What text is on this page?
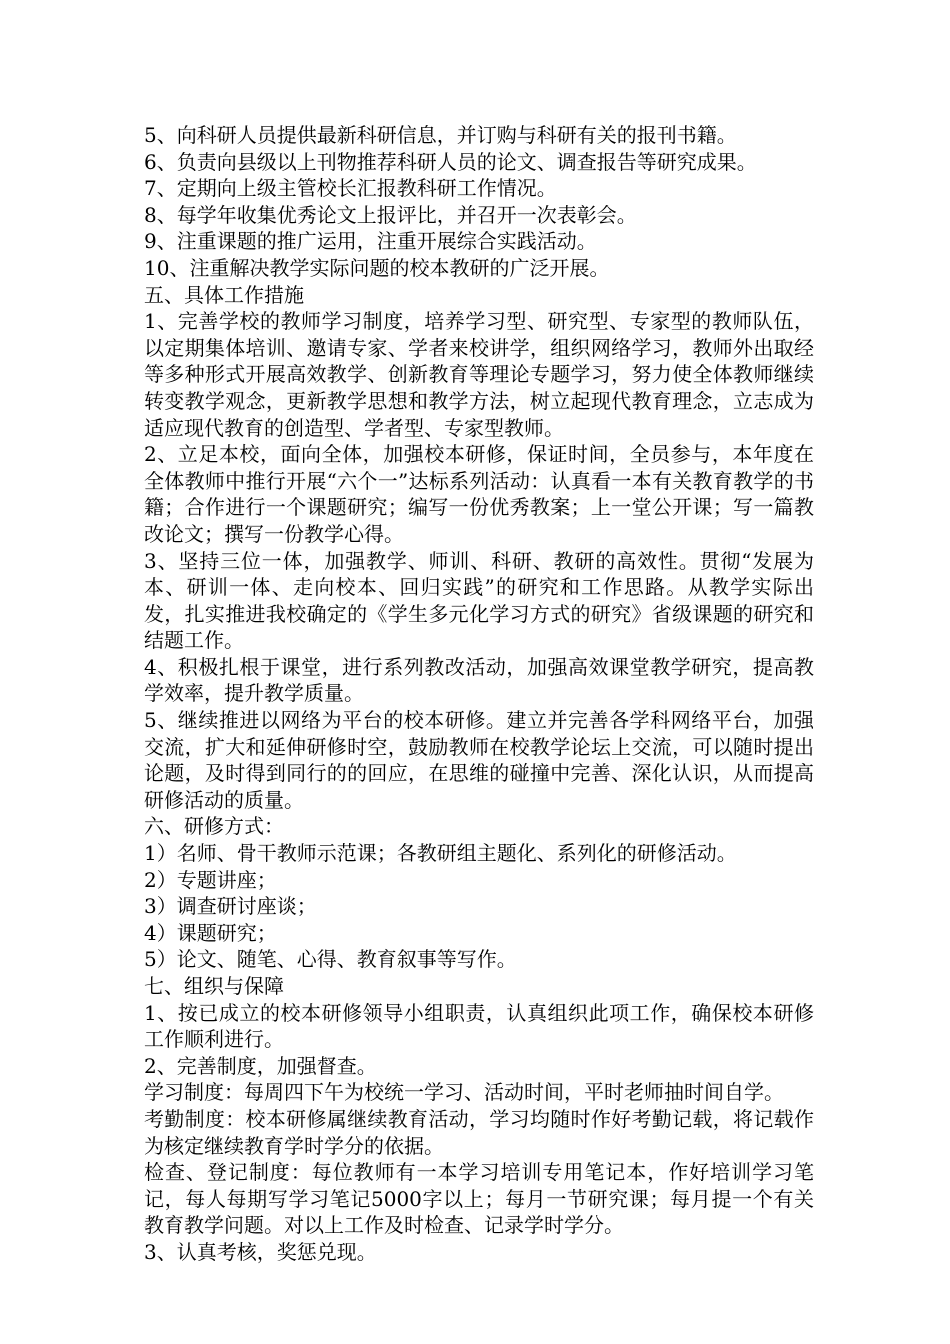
5、向科研人员提供最新科研信息，并订购与科研有关的报刊书籍。

6、负责向县级以上刊物推荐科研人员的论文、调查报告等研究成果。

7、定期向上级主管校长汇报教科研工作情况。

8、每学年收集优秀论文上报评比，并召开一次表彰会。

9、注重课题的推广运用，注重开展综合实践活动。

10、注重解决教学实际问题的校本教研的广泛开展。

五、具体工作措施

1、完善学校的教师学习制度，培养学习型、研究型、专家型的教师队伍，以定期集体培训、邀请专家、学者来校讲学，组织网络学习，教师外出取经等多种形式开展高效教学、创新教育等理论专题学习，努力使全体教师继续转变教学观念，更新教学思想和教学方法，树立起现代教育理念，立志成为适应现代教育的创造型、学者型、专家型教师。

2、立足本校，面向全体，加强校本研修，保证时间，全员参与，本年度在全体教师中推行开展“六个一”达标系列活动：认真看一本有关教育教学的书籍；合作进行一个课题研究；编写一份优秀教案；上一堂公开课；写一篇教改论文；撰写一份教学心得。

3、坚持三位一体，加强教学、师训、科研、教研的高效性。贯彻“发展为本、研训一体、走向校本、回归实践”的研究和工作思路。从教学实际出发，扎实推进我校确定的《学生多元化学习方式的研究》省级课题的研究和结题工作。

4、积极扎根于课堂，进行系列教改活动，加强高效课堂教学研究，提高教学效率，提升教学质量。

5、继续推进以网络为平台的校本研修。建立并完善各学科网络平台，加强交流，扩大和延伸研修时空，鼓励教师在校教学论坛上交流，可以随时提出论题，及时得到同行的的回应，在思维的碰撞中完善、深化认识，从而提高研修活动的质量。

六、研修方式：

1）名师、骨干教师示范课；各教研组主题化、系列化的研修活动。

2）专题讲座；

3）调查研讨座谈；

4）课题研究；

5）论文、随笔、心得、教育叙事等写作。

七、组织与保障

1、按已成立的校本研修领导小组职责，认真组织此项工作，确保校本研修工作顺利进行。

2、完善制度，加强督查。

学习制度：每周四下午为校统一学习、活动时间，平时老师抽时间自学。

考勤制度：校本研修属继续教育活动，学习均随时作好考勤记载，将记载作为核定继续教育学时学分的依据。

检查、登记制度：每位教师有一本学习培训专用笔记本，作好培训学习笔记，每人每期写学习笔记5000字以上；每月一节研究课；每月提一个有关教育教学问题。对以上工作及时检查、记录学时学分。

3、认真考核，奖惩兑现。
